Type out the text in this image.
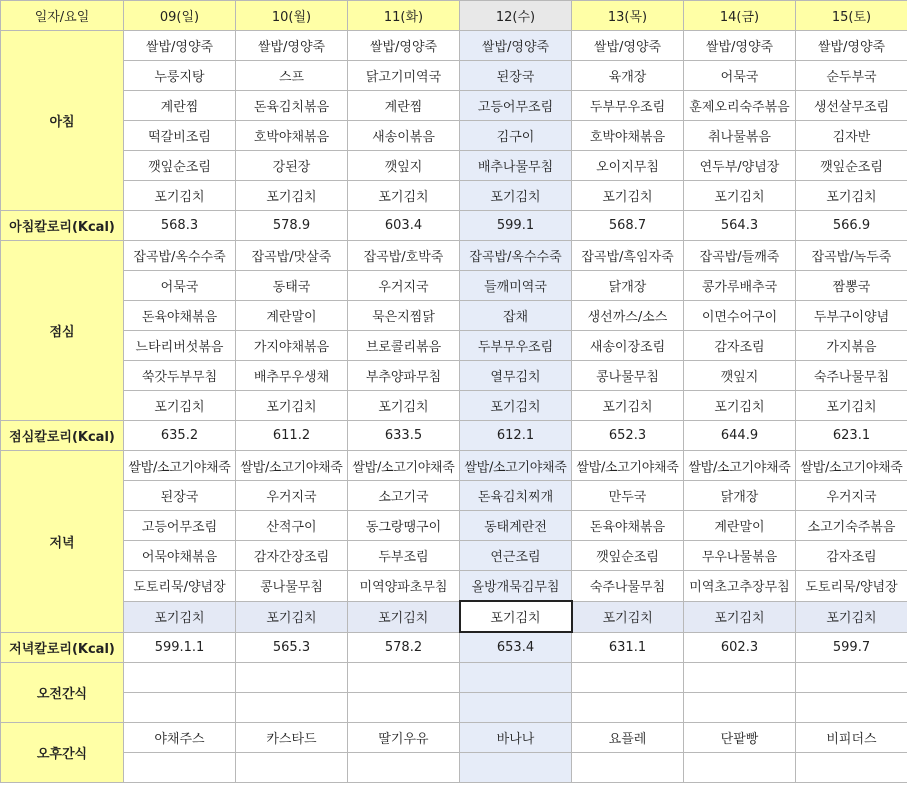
일자/요일	09(일)	10(월)	11(화)	12(수)	13(목)	14(금)	15(토)
아침	쌀밥/영양죽	쌀밥/영양죽	쌀밥/영양죽	쌀밥/영양죽	쌀밥/영양죽	쌀밥/영양죽	쌀밥/영양죽
	누룽지탕	스프	닭고기미역국	된장국	육개장	어묵국	순두부국
	계란찜	돈육김치볶음	계란찜	고등어무조림	두부무우조림	훈제오리숙주볶음	생선살무조림
	떡갈비조림	호박야채볶음	새송이볶음	김구이	호박야채볶음	취나물볶음	김자반
	깻잎순조림	강된장	깻잎지	배추나물무침	오이지무침	연두부/양념장	깻잎순조림
	포기김치	포기김치	포기김치	포기김치	포기김치	포기김치	포기김치
아침칼로리(Kcal)	568.3	578.9	603.4	599.1	568.7	564.3	566.9
점심	잡곡밥/옥수수죽	잡곡밥/맛살죽	잡곡밥/호박죽	잡곡밥/옥수수죽	잡곡밥/흑임자죽	잡곡밥/들깨죽	잡곡밥/녹두죽
	어묵국	동태국	우거지국	들깨미역국	닭개장	콩가루배추국	짬뽕국
	돈육야채볶음	계란말이	묵은지찜닭	잡채	생선까스/소스	이면수어구이	두부구이양념
	느타리버섯볶음	가지야채볶음	브로콜리볶음	두부무우조림	새송이장조림	감자조림	가지볶음
	쑥갓두부무침	배추무우생채	부추양파무침	열무김치	콩나물무침	깻잎지	숙주나물무침
	포기김치	포기김치	포기김치	포기김치	포기김치	포기김치	포기김치
점심칼로리(Kcal)	635.2	611.2	633.5	612.1	652.3	644.9	623.1
저녁	쌀밥/소고기야채죽	쌀밥/소고기야채죽	쌀밥/소고기야채죽	쌀밥/소고기야채죽	쌀밥/소고기야채죽	쌀밥/소고기야채죽	쌀밥/소고기야채죽

	된장국	우거지국	소고기국	돈육김치찌개	만두국	닭개장	우거지국
	고등어무조림	산적구이	동그랑땡구이	동태계란전	돈육야채볶음	계란말이	소고기숙주볶음
	어묵야채볶음	감자간장조림	두부조림	연근조림	깻잎순조림	무우나물볶음	감자조림
	도토리묵/양념장	콩나물무침	미역양파초무침	올방개묵김무침	숙주나물무침	미역초고추장무침	도토리묵/양념장
	포기김치	포기김치	포기김치	포기김치	포기김치	포기김치	포기김치
저녁칼로리(Kcal)	599.1.1	565.3	578.2	653.4	631.1	602.3	599.7
오전간식							

오후간식	야채주스	카스타드	딸기우유	바나나	요플레	단팥빵	비피더스
